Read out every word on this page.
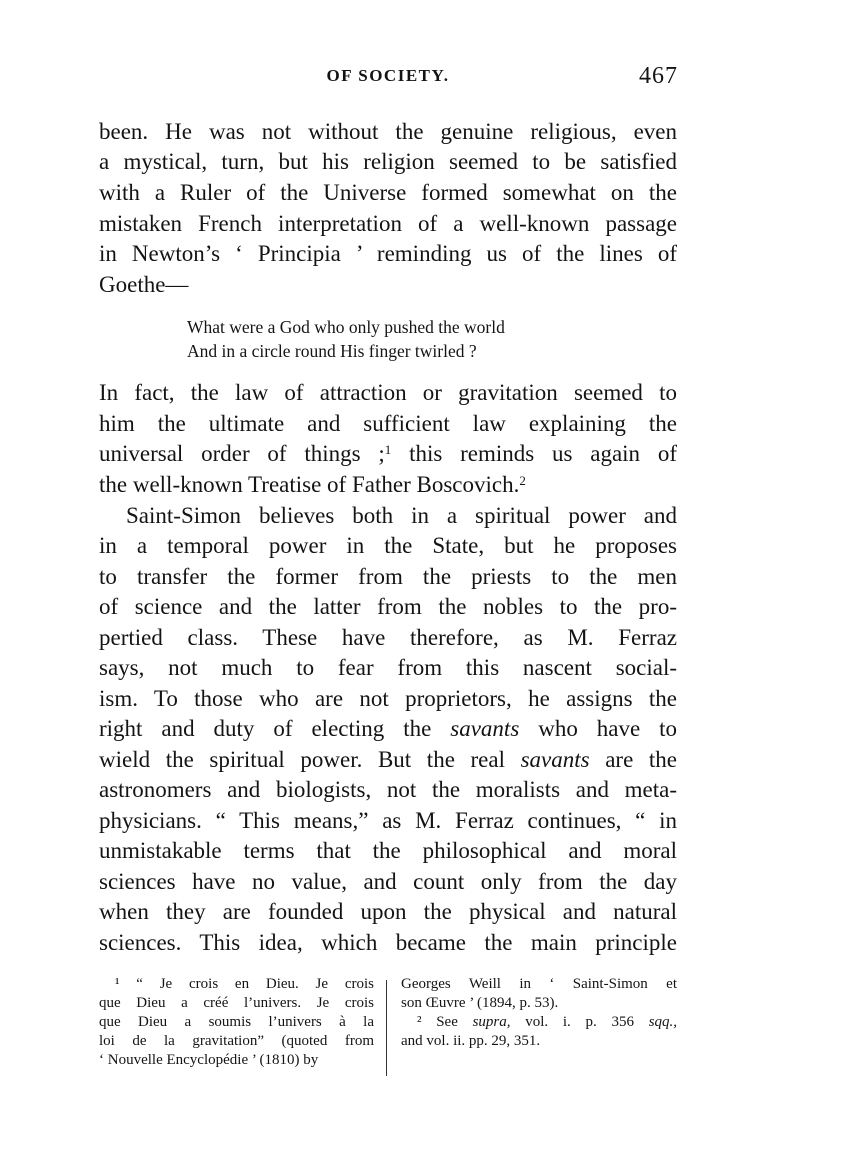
OF SOCIETY.	467
been. He was not without the genuine religious, even
a mystical, turn, but his religion seemed to be satisfied
with a Ruler of the Universe formed somewhat on the
mistaken French interpretation of a well-known passage
in Newton’s ‘ Principia ’ reminding us of the lines of
Goethe—
What were a God who only pushed the world
And in a circle round His finger twirled ?
In fact, the law of attraction or gravitation seemed to
him the ultimate and sufficient law explaining the
universal order of things ;$^1$ this reminds us again of
the well-known Treatise of Father Boscovich.$^2$
Saint-Simon believes both in a spiritual power and
in a temporal power in the State, but he proposes
to transfer the former from the priests to the men
of science and the latter from the nobles to the pro-
pertied class. These have therefore, as M. Ferraz
says, not much to fear from this nascent social-
ism. To those who are not proprietors, he assigns the
right and duty of electing the savants who have to
wield the spiritual power. But the real savants are the
astronomers and biologists, not the moralists and meta-
physicians. “ This means,” as M. Ferraz continues, “ in
unmistakable terms that the philosophical and moral
sciences have no value, and count only from the day
when they are founded upon the physical and natural
sciences. This idea, which became the main principle
¹ “ Je crois en Dieu. Je crois
que Dieu a créé l’univers. Je crois
que Dieu a soumis l’univers à la
loi de la gravitation” (quoted from
‘ Nouvelle Encyclopédie ’ (1810) by
Georges Weill in ‘ Saint-Simon et
son Œuvre ’ (1894, p. 53).
² See supra, vol. i. p. 356 sqq.,
and vol. ii. pp. 29, 351.
